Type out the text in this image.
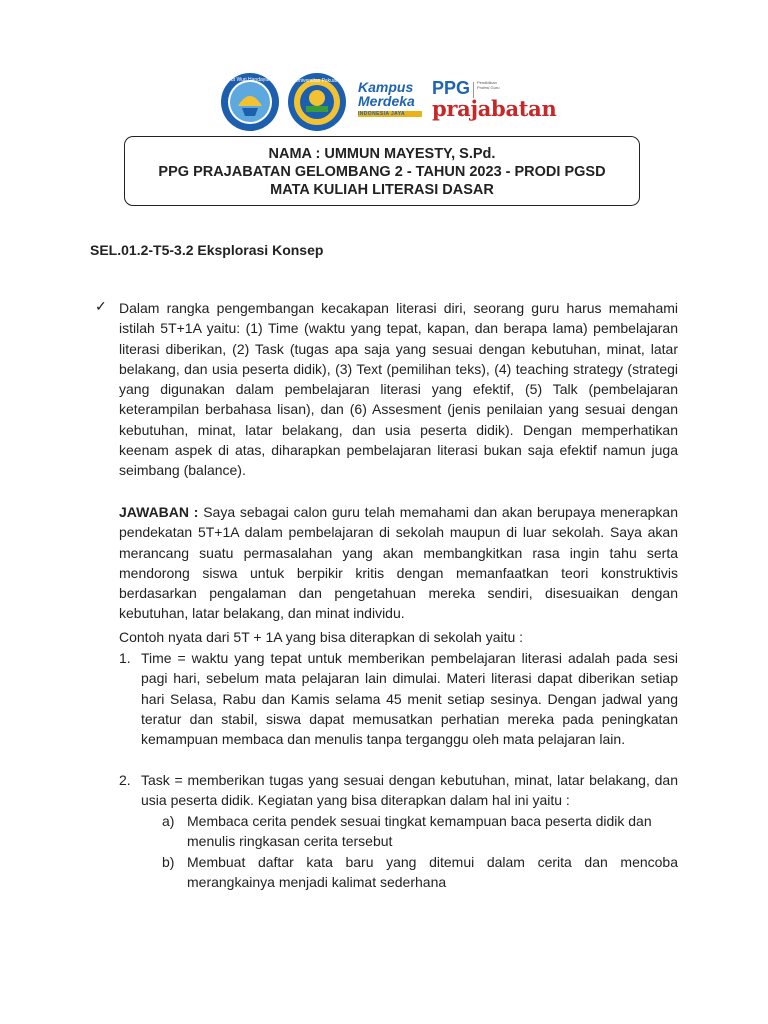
Tut Wuri Handayani	Universitas Pakuan Kampus
Merdeka
INDONESIA JAYA
PPG Pendidikan Profesi Guru
prajabatan
NAMA : UMMUN MAYESTY, S.Pd.
PPG PRAJABATAN GELOMBANG 2 - TAHUN 2023 - PRODI PGSD
MATA KULIAH LITERASI DASAR
SEL.01.2-T5-3.2 Eksplorasi Konsep
✓ Dalam rangka pengembangan kecakapan literasi diri, seorang guru harus memahami istilah 5T+1A yaitu: (1) Time (waktu yang tepat, kapan, dan berapa lama) pembelajaran literasi diberikan, (2) Task (tugas apa saja yang sesuai dengan kebutuhan, minat, latar belakang, dan usia peserta didik), (3) Text (pemilihan teks), (4) teaching strategy (strategi yang digunakan dalam pembelajaran literasi yang efektif, (5) Talk (pembelajaran keterampilan berbahasa lisan), dan (6) Assesment (jenis penilaian yang sesuai dengan kebutuhan, minat, latar belakang, dan usia peserta didik). Dengan memperhatikan keenam aspek di atas, diharapkan pembelajaran literasi bukan saja efektif namun juga seimbang (balance).

JAWABAN : Saya sebagai calon guru telah memahami dan akan berupaya menerapkan pendekatan 5T+1A dalam pembelajaran di sekolah maupun di luar sekolah. Saya akan merancang suatu permasalahan yang akan membangkitkan rasa ingin tahu serta mendorong siswa untuk berpikir kritis dengan memanfaatkan teori konstruktivis berdasarkan pengalaman dan pengetahuan mereka sendiri, disesuaikan dengan kebutuhan, latar belakang, dan minat individu.

Contoh nyata dari 5T + 1A yang bisa diterapkan di sekolah yaitu :

1. Time = waktu yang tepat untuk memberikan pembelajaran literasi adalah pada sesi pagi hari, sebelum mata pelajaran lain dimulai. Materi literasi dapat diberikan setiap hari Selasa, Rabu dan Kamis selama 45 menit setiap sesinya. Dengan jadwal yang teratur dan stabil, siswa dapat memusatkan perhatian mereka pada peningkatan kemampuan membaca dan menulis tanpa terganggu oleh mata pelajaran lain.

2. Task = memberikan tugas yang sesuai dengan kebutuhan, minat, latar belakang, dan usia peserta didik. Kegiatan yang bisa diterapkan dalam hal ini yaitu :

a) Membaca cerita pendek sesuai tingkat kemampuan baca peserta didik dan menulis ringkasan cerita tersebut

b) Membuat daftar kata baru yang ditemui dalam cerita dan mencoba merangkainya menjadi kalimat sederhana
